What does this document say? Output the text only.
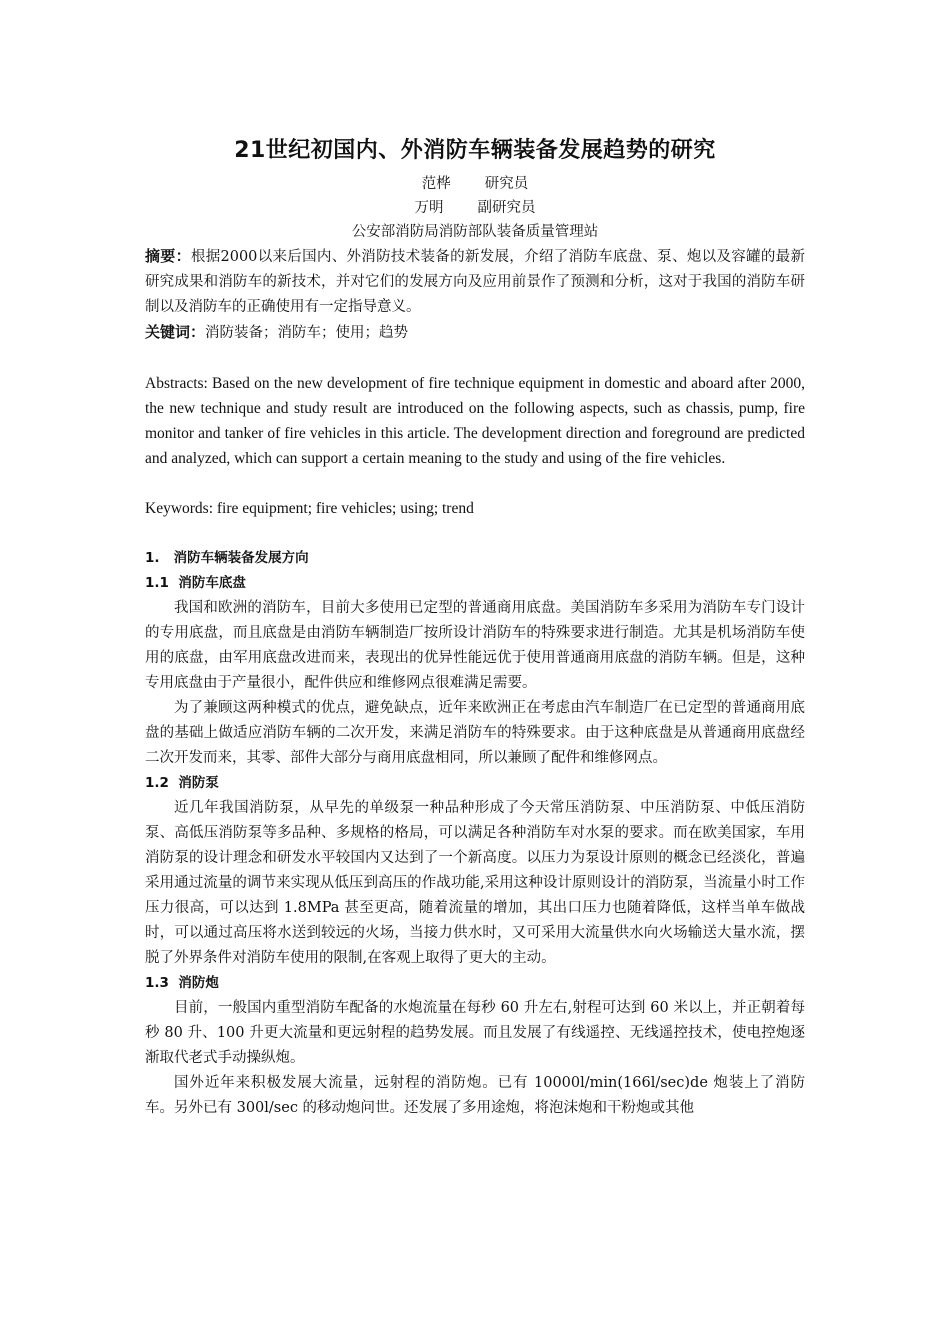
21世纪初国内、外消防车辆装备发展趋势的研究
范桦 研究员
万明 副研究员
公安部消防局消防部队装备质量管理站

摘要：根据2000以来后国内、外消防技术装备的新发展，介绍了消防车底盘、泵、炮以及容罐的最新研究成果和消防车的新技术，并对它们的发展方向及应用前景作了预测和分析，这对于我国的消防车研制以及消防车的正确使用有一定指导意义。

关键词：消防装备；消防车；使用；趋势

Abstracts: Based on the new development of fire technique equipment in domestic and aboard after 2000, the new technique and study result are introduced on the following aspects, such as chassis, pump, fire monitor and tanker of fire vehicles in this article. The development direction and foreground are predicted and analyzed, which can support a certain meaning to the study and using of the fire vehicles.

Keywords: fire equipment; fire vehicles; using; trend

1.   消防车辆装备发展方向

1.1  消防车底盘

我国和欧洲的消防车，目前大多使用已定型的普通商用底盘。美国消防车多采用为消防车专门设计的专用底盘，而且底盘是由消防车辆制造厂按所设计消防车的特殊要求进行制造。尤其是机场消防车使用的底盘，由军用底盘改进而来，表现出的优异性能远优于使用普通商用底盘的消防车辆。但是，这种专用底盘由于产量很小，配件供应和维修网点很难满足需要。

为了兼顾这两种模式的优点，避免缺点，近年来欧洲正在考虑由汽车制造厂在已定型的普通商用底盘的基础上做适应消防车辆的二次开发，来满足消防车的特殊要求。由于这种底盘是从普通商用底盘经二次开发而来，其零、部件大部分与商用底盘相同，所以兼顾了配件和维修网点。

1.2  消防泵

近几年我国消防泵，从早先的单级泵一种品种形成了今天常压消防泵、中压消防泵、中低压消防泵、高低压消防泵等多品种、多规格的格局，可以满足各种消防车对水泵的要求。而在欧美国家，车用消防泵的设计理念和研发水平较国内又达到了一个新高度。以压力为泵设计原则的概念已经淡化，普遍采用通过流量的调节来实现从低压到高压的作战功能,采用这种设计原则设计的消防泵，当流量小时工作压力很高，可以达到 1.8MPa 甚至更高，随着流量的增加，其出口压力也随着降低，这样当单车做战时，可以通过高压将水送到较远的火场，当接力供水时，又可采用大流量供水向火场输送大量水流，摆脱了外界条件对消防车使用的限制,在客观上取得了更大的主动。

1.3  消防炮

目前，一般国内重型消防车配备的水炮流量在每秒 60 升左右,射程可达到 60 米以上，并正朝着每秒 80 升、100 升更大流量和更远射程的趋势发展。而且发展了有线遥控、无线遥控技术，使电控炮逐渐取代老式手动操纵炮。

国外近年来积极发展大流量，远射程的消防炮。已有 10000l/min(166l/sec)de 炮装上了消防车。另外已有 300l/sec 的移动炮问世。还发展了多用途炮，将泡沫炮和干粉炮或其他
